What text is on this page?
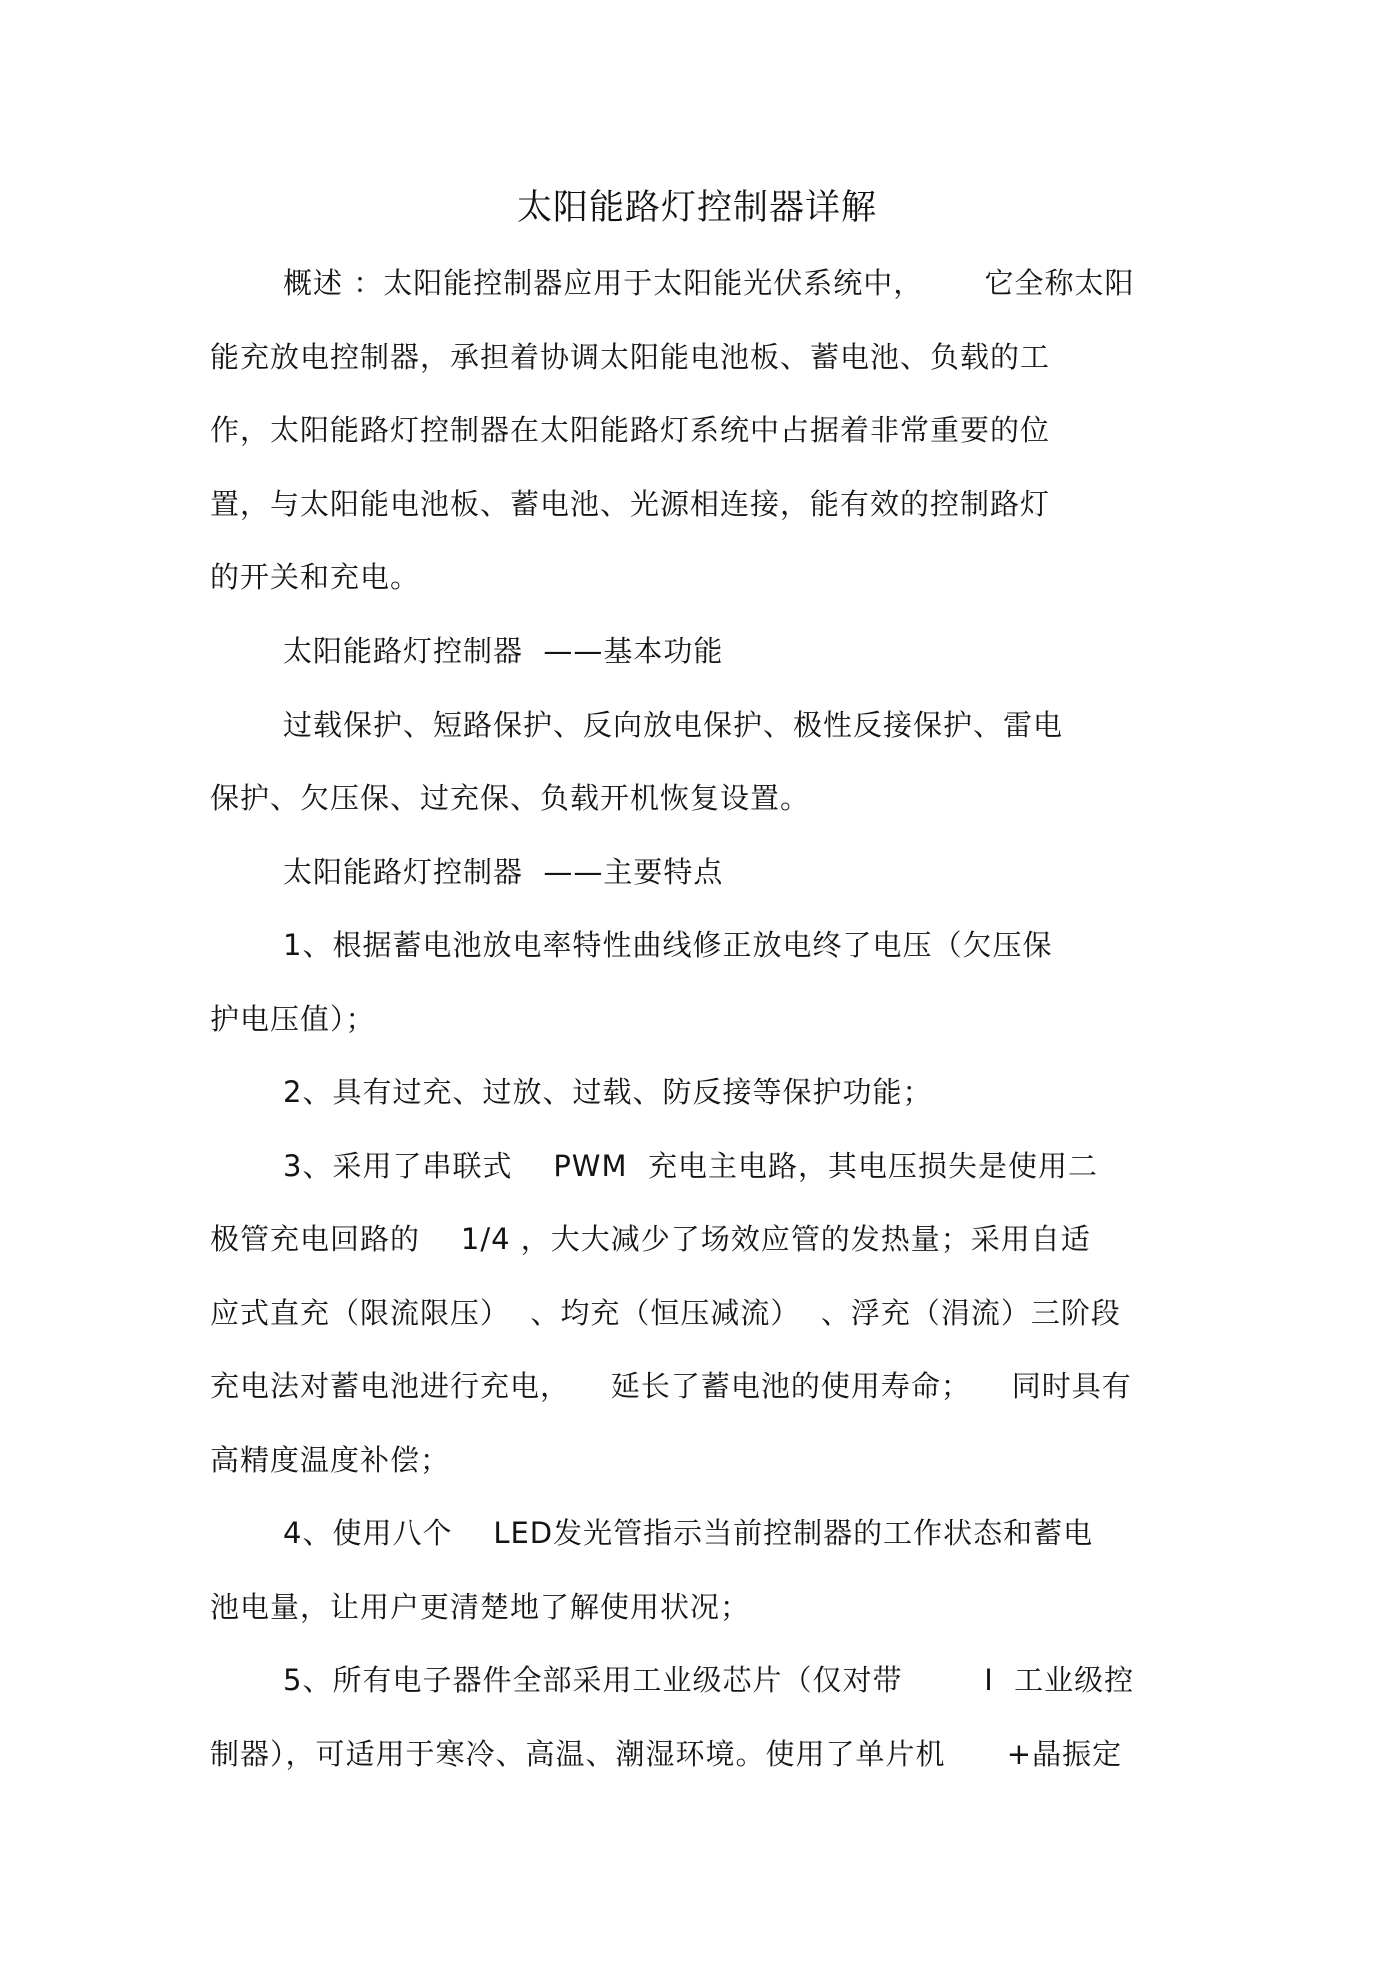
太阳能路灯控制器详解
概述 ：太阳能控制器应用于太阳能光伏系统中，      它全称太阳
能充放电控制器，承担着协调太阳能电池板、蓄电池、负载的工
作，太阳能路灯控制器在太阳能路灯系统中占据着非常重要的位
置，与太阳能电池板、蓄电池、光源相连接，能有效的控制路灯
的开关和充电。
太阳能路灯控制器  ——基本功能
过载保护、短路保护、反向放电保护、极性反接保护、雷电
保护、欠压保、过充保、负载开机恢复设置。
太阳能路灯控制器  ——主要特点
1、根据蓄电池放电率特性曲线修正放电终了电压（欠压保
护电压值）；
2、具有过充、过放、过载、防反接等保护功能；
3、采用了串联式    PWM  充电主电路，其电压损失是使用二
极管充电回路的    1/4 ，大大减少了场效应管的发热量；采用自适
应式直充（限流限压）  、均充（恒压减流）  、浮充（涓流）三阶段
充电法对蓄电池进行充电，    延长了蓄电池的使用寿命；    同时具有
高精度温度补偿；
4、使用八个    LED发光管指示当前控制器的工作状态和蓄电
池电量，让用户更清楚地了解使用状况；
5、所有电子器件全部采用工业级芯片（仅对带        I  工业级控
制器），可适用于寒冷、高温、潮湿环境。使用了单片机      +晶振定
